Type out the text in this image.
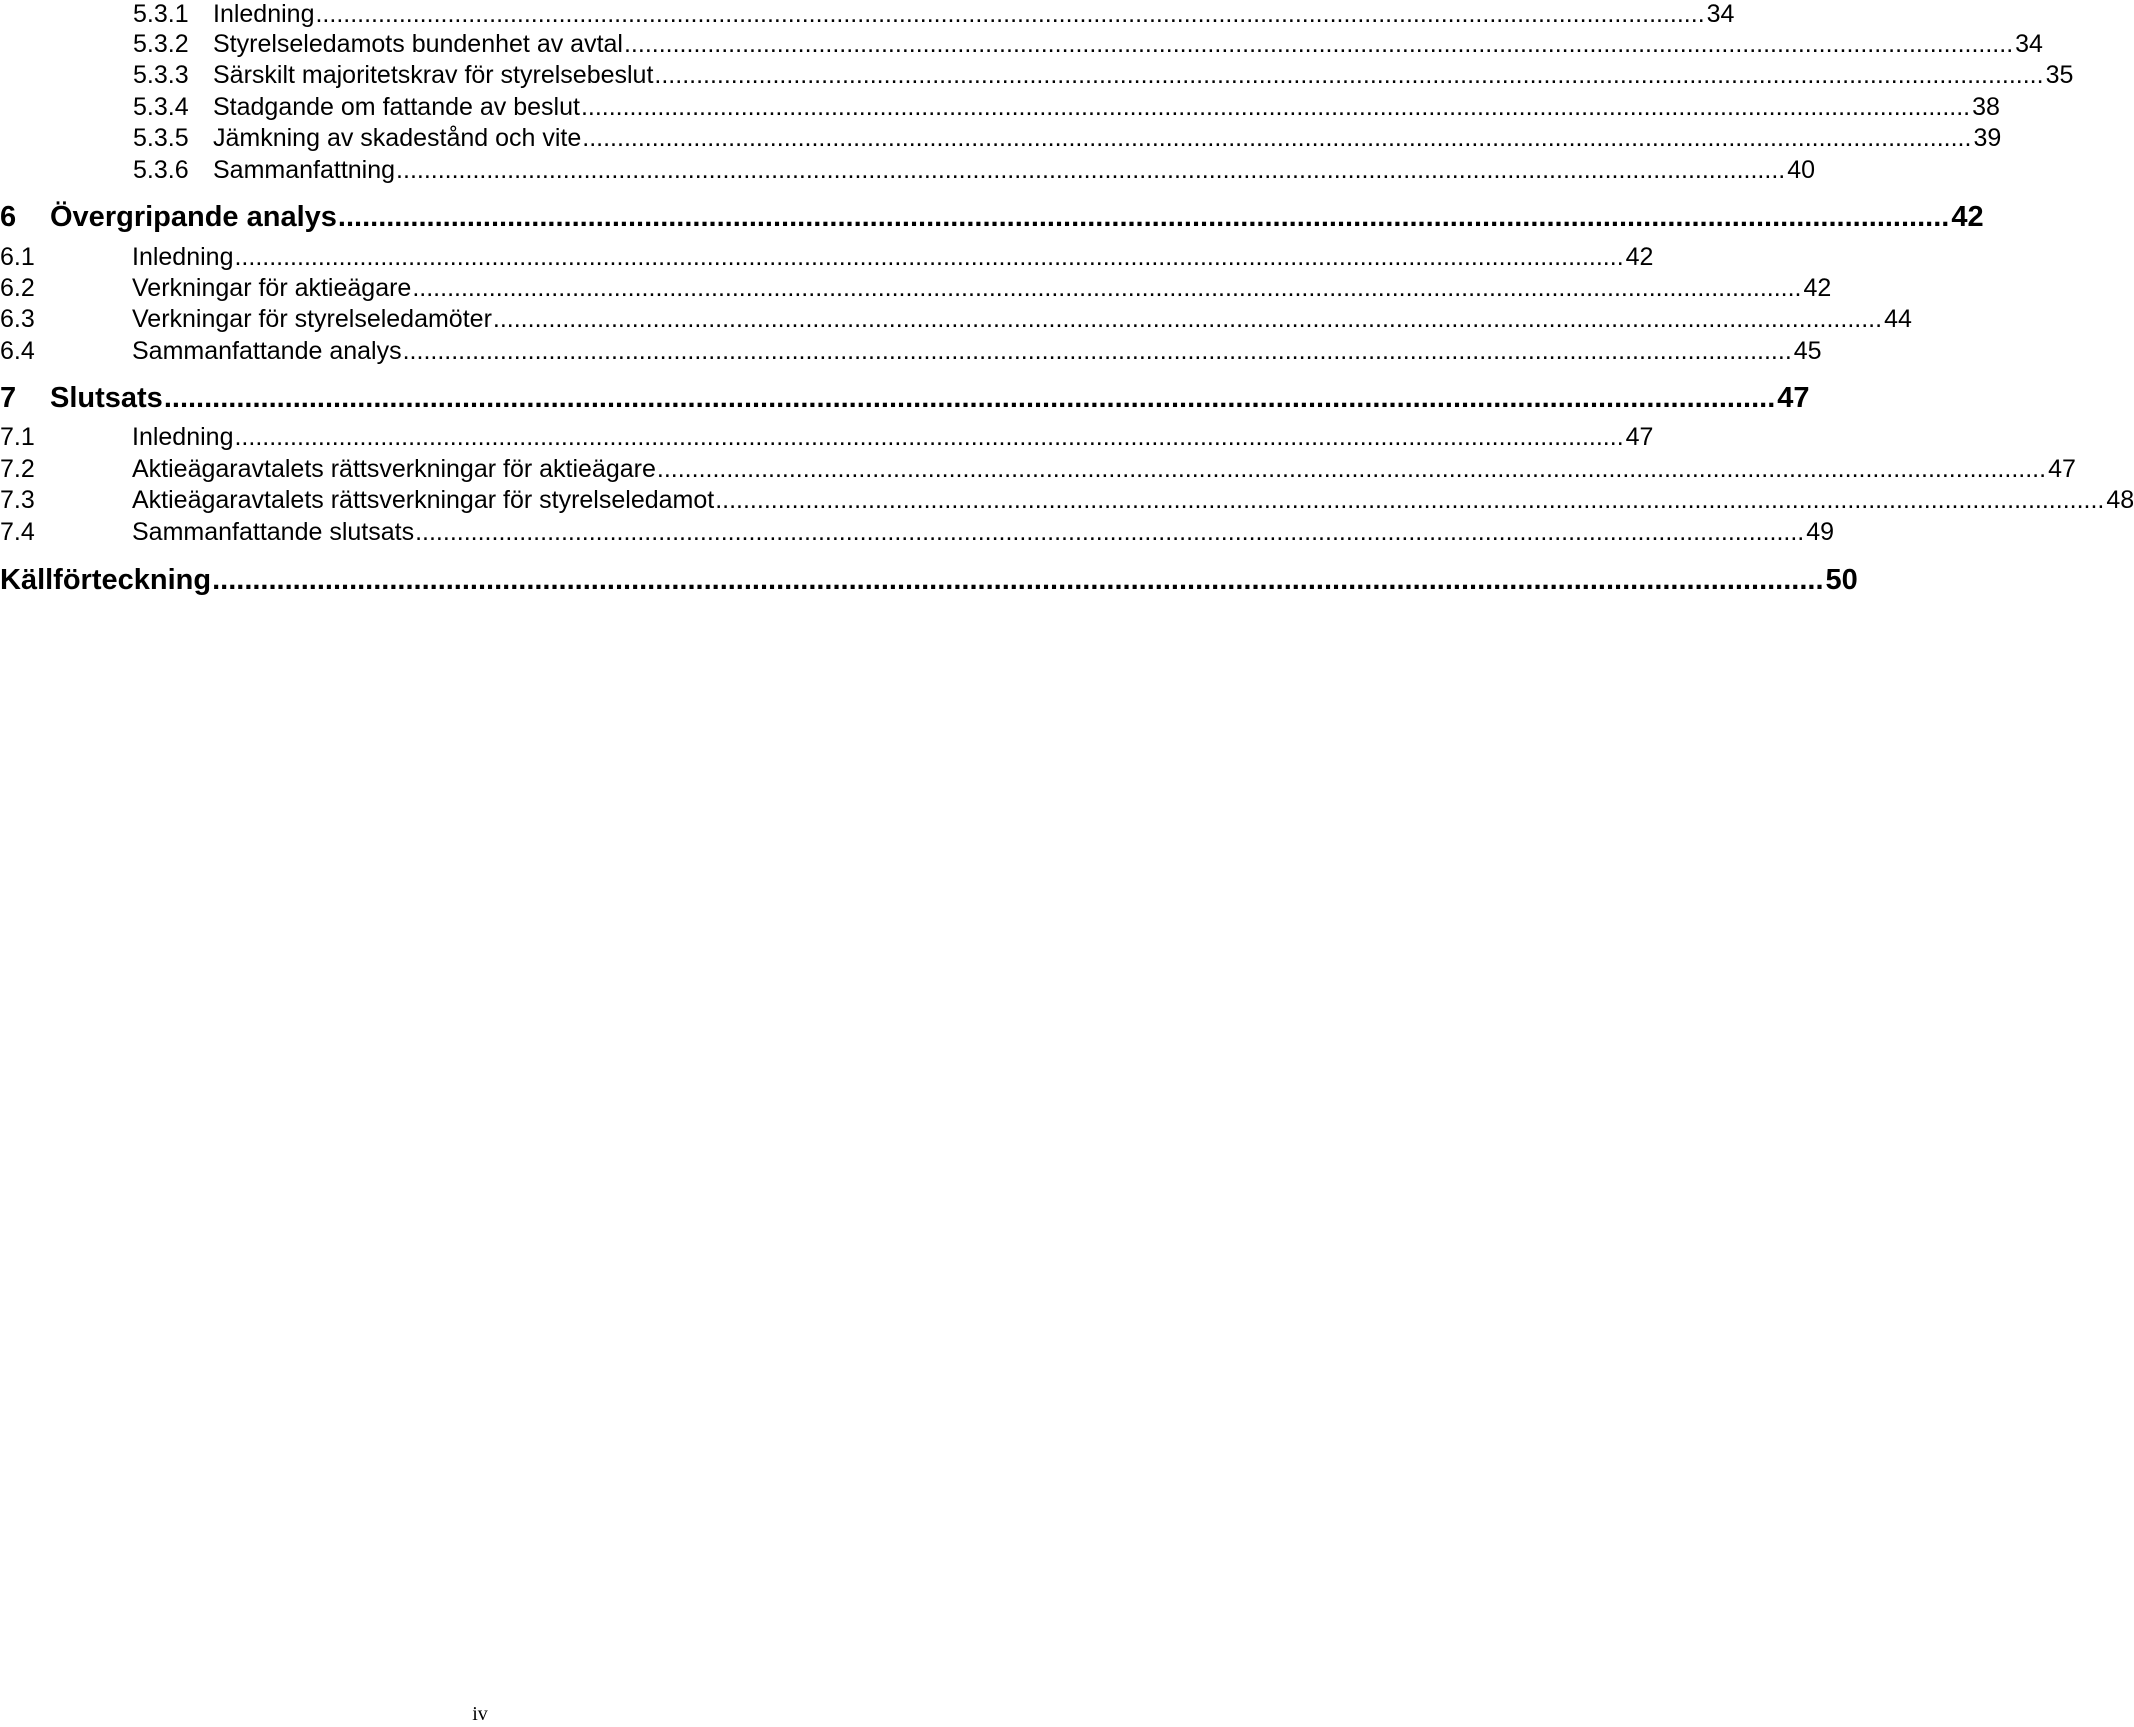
5.3.1 Inledning ........................................................................................................................................................................................................ 34
5.3.2 Styrelseledamots bundenhet av avtal ........................................................................................................................................................................................................ 34
5.3.3 Särskilt majoritetskrav för styrelsebeslut ........................................................................................................................................................................................................ 35
5.3.4 Stadgande om fattande av beslut ........................................................................................................................................................................................................ 38
5.3.5 Jämkning av skadestånd och vite ........................................................................................................................................................................................................ 39
5.3.6 Sammanfattning ........................................................................................................................................................................................................ 40
6	Övergripande analys ........................................................................................................................................................................................................ 42
6.1	Inledning ........................................................................................................................................................................................................ 42
6.2	Verkningar för aktieägare ........................................................................................................................................................................................................ 42
6.3	Verkningar för styrelseledamöter ........................................................................................................................................................................................................ 44
6.4	Sammanfattande analys ........................................................................................................................................................................................................ 45
7	Slutsats ........................................................................................................................................................................................................ 47
7.1	Inledning ........................................................................................................................................................................................................ 47
7.2	Aktieägaravtalets rättsverkningar för aktieägare ........................................................................................................................................................................................................ 47
7.3	Aktieägaravtalets rättsverkningar för styrelseledamot ........................................................................................................................................................................................................ 48
7.4	Sammanfattande slutsats ........................................................................................................................................................................................................ 49
Källförteckning ........................................................................................................................................................................................................ 50
iv
